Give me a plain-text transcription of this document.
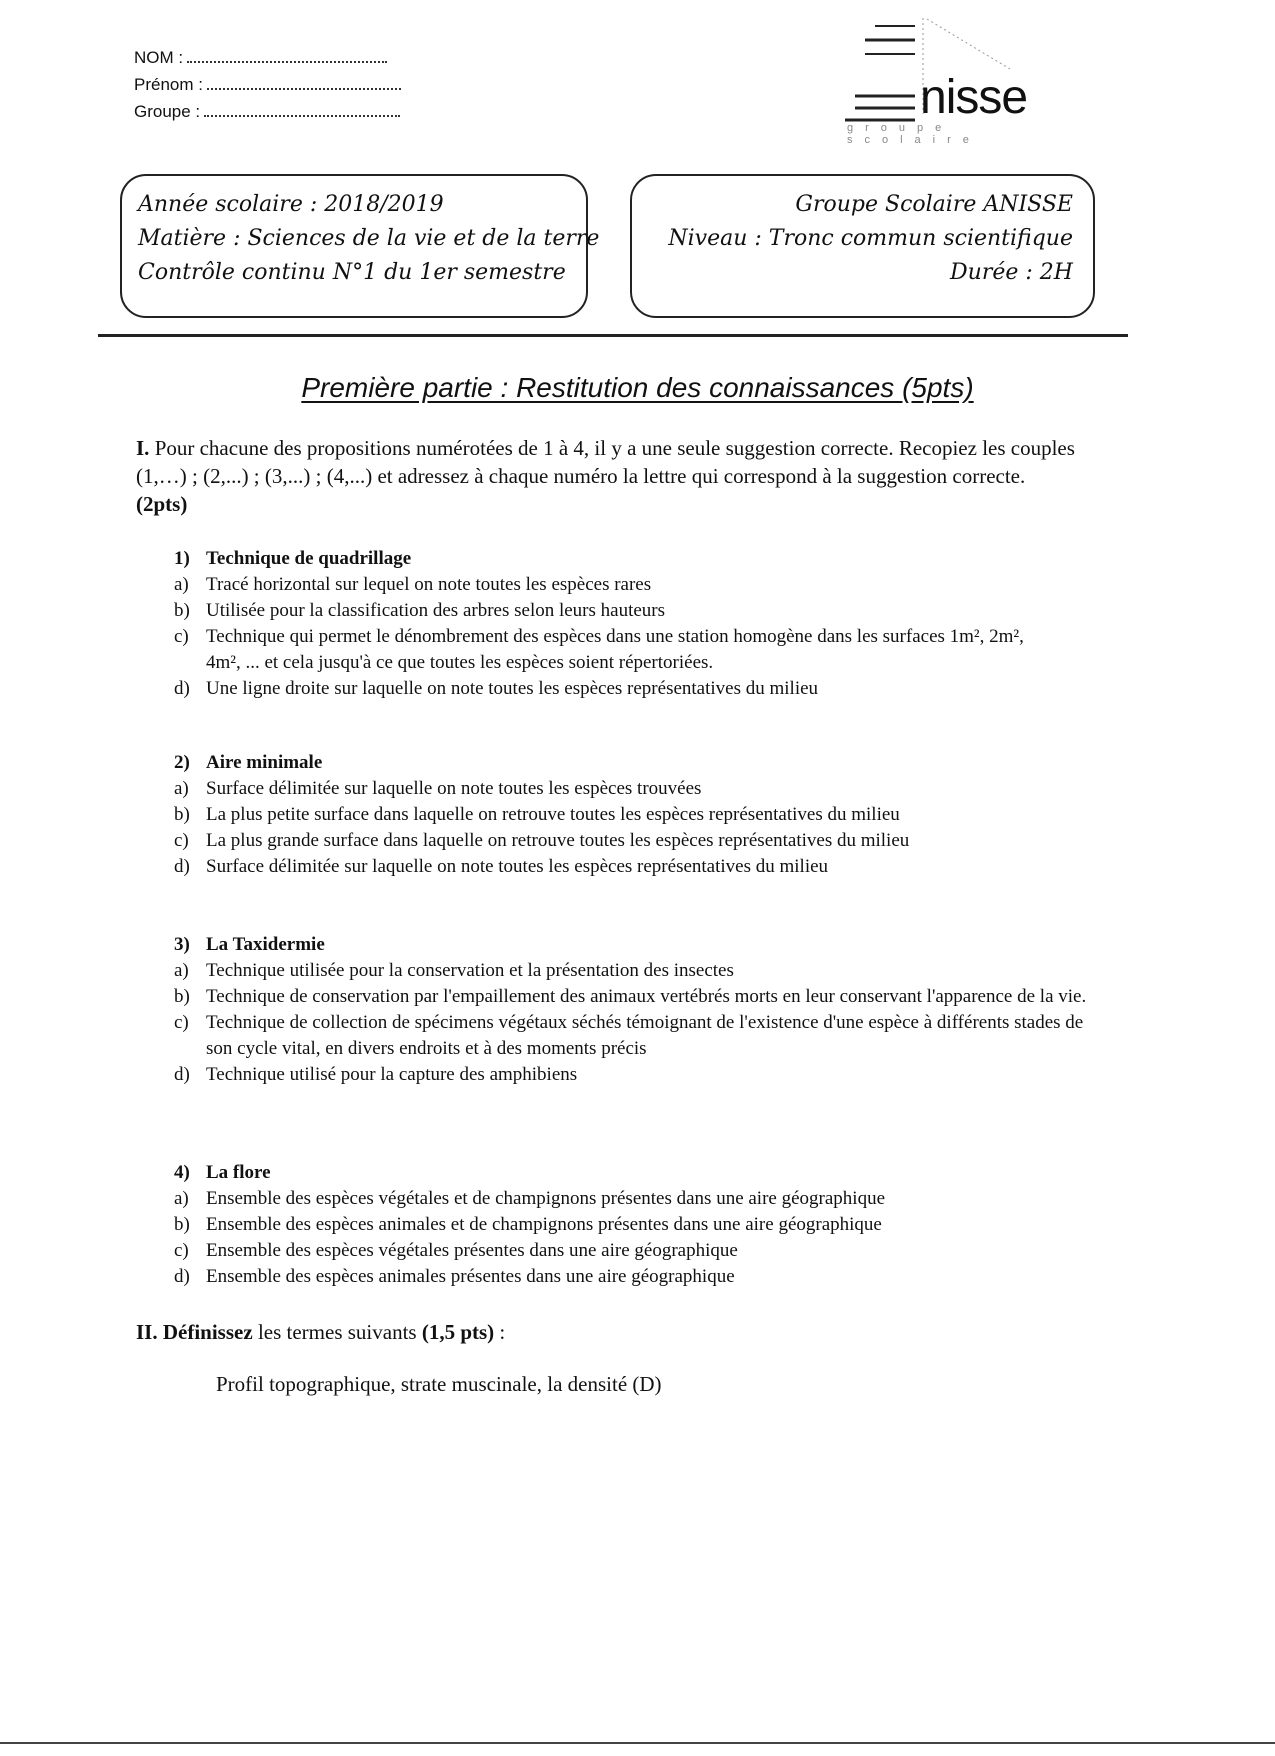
NOM :
Prénom :
Groupe :	nisse
groupe scolaire
Année scolaire : 2018/2019
Matière : Sciences de la vie et de la terre
Contrôle continu N°1 du 1er semestre
Groupe Scolaire ANISSE
Niveau : Tronc commun scientifique
Durée : 2H
Première partie : Restitution des connaissances (5pts)
I. Pour chacune des propositions numérotées de 1 à 4, il y a une seule suggestion correcte. Recopiez les couples (1,…) ; (2,...) ; (3,...) ; (4,...) et adressez à chaque numéro la lettre qui correspond à la suggestion correcte. (2pts)
1) Technique de quadrillage
a) Tracé horizontal sur lequel on note toutes les espèces rares
b) Utilisée pour la classification des arbres selon leurs hauteurs
c) Technique qui permet le dénombrement des espèces dans une station homogène dans les surfaces 1m², 2m², 4m², ... et cela jusqu'à ce que toutes les espèces soient répertoriées.
d) Une ligne droite sur laquelle on note toutes les espèces représentatives du milieu
2) Aire minimale
a) Surface délimitée sur laquelle on note toutes les espèces trouvées
b) La plus petite surface dans laquelle on retrouve toutes les espèces représentatives du milieu
c) La plus grande surface dans laquelle on retrouve toutes les espèces représentatives du milieu
d) Surface délimitée sur laquelle on note toutes les espèces représentatives du milieu
3) La Taxidermie
a) Technique utilisée pour la conservation et la présentation des insectes
b) Technique de conservation par l'empaillement des animaux vertébrés morts en leur conservant l'apparence de la vie.
c) Technique de collection de spécimens végétaux séchés témoignant de l'existence d'une espèce à différents stades de son cycle vital, en divers endroits et à des moments précis
d) Technique utilisé pour la capture des amphibiens
4) La flore
a) Ensemble des espèces végétales et de champignons présentes dans une aire géographique
b) Ensemble des espèces animales et de champignons présentes dans une aire géographique
c) Ensemble des espèces végétales présentes dans une aire géographique
d) Ensemble des espèces animales présentes dans une aire géographique
II. Définissez les termes suivants (1,5 pts) :
Profil topographique, strate muscinale, la densité (D)
